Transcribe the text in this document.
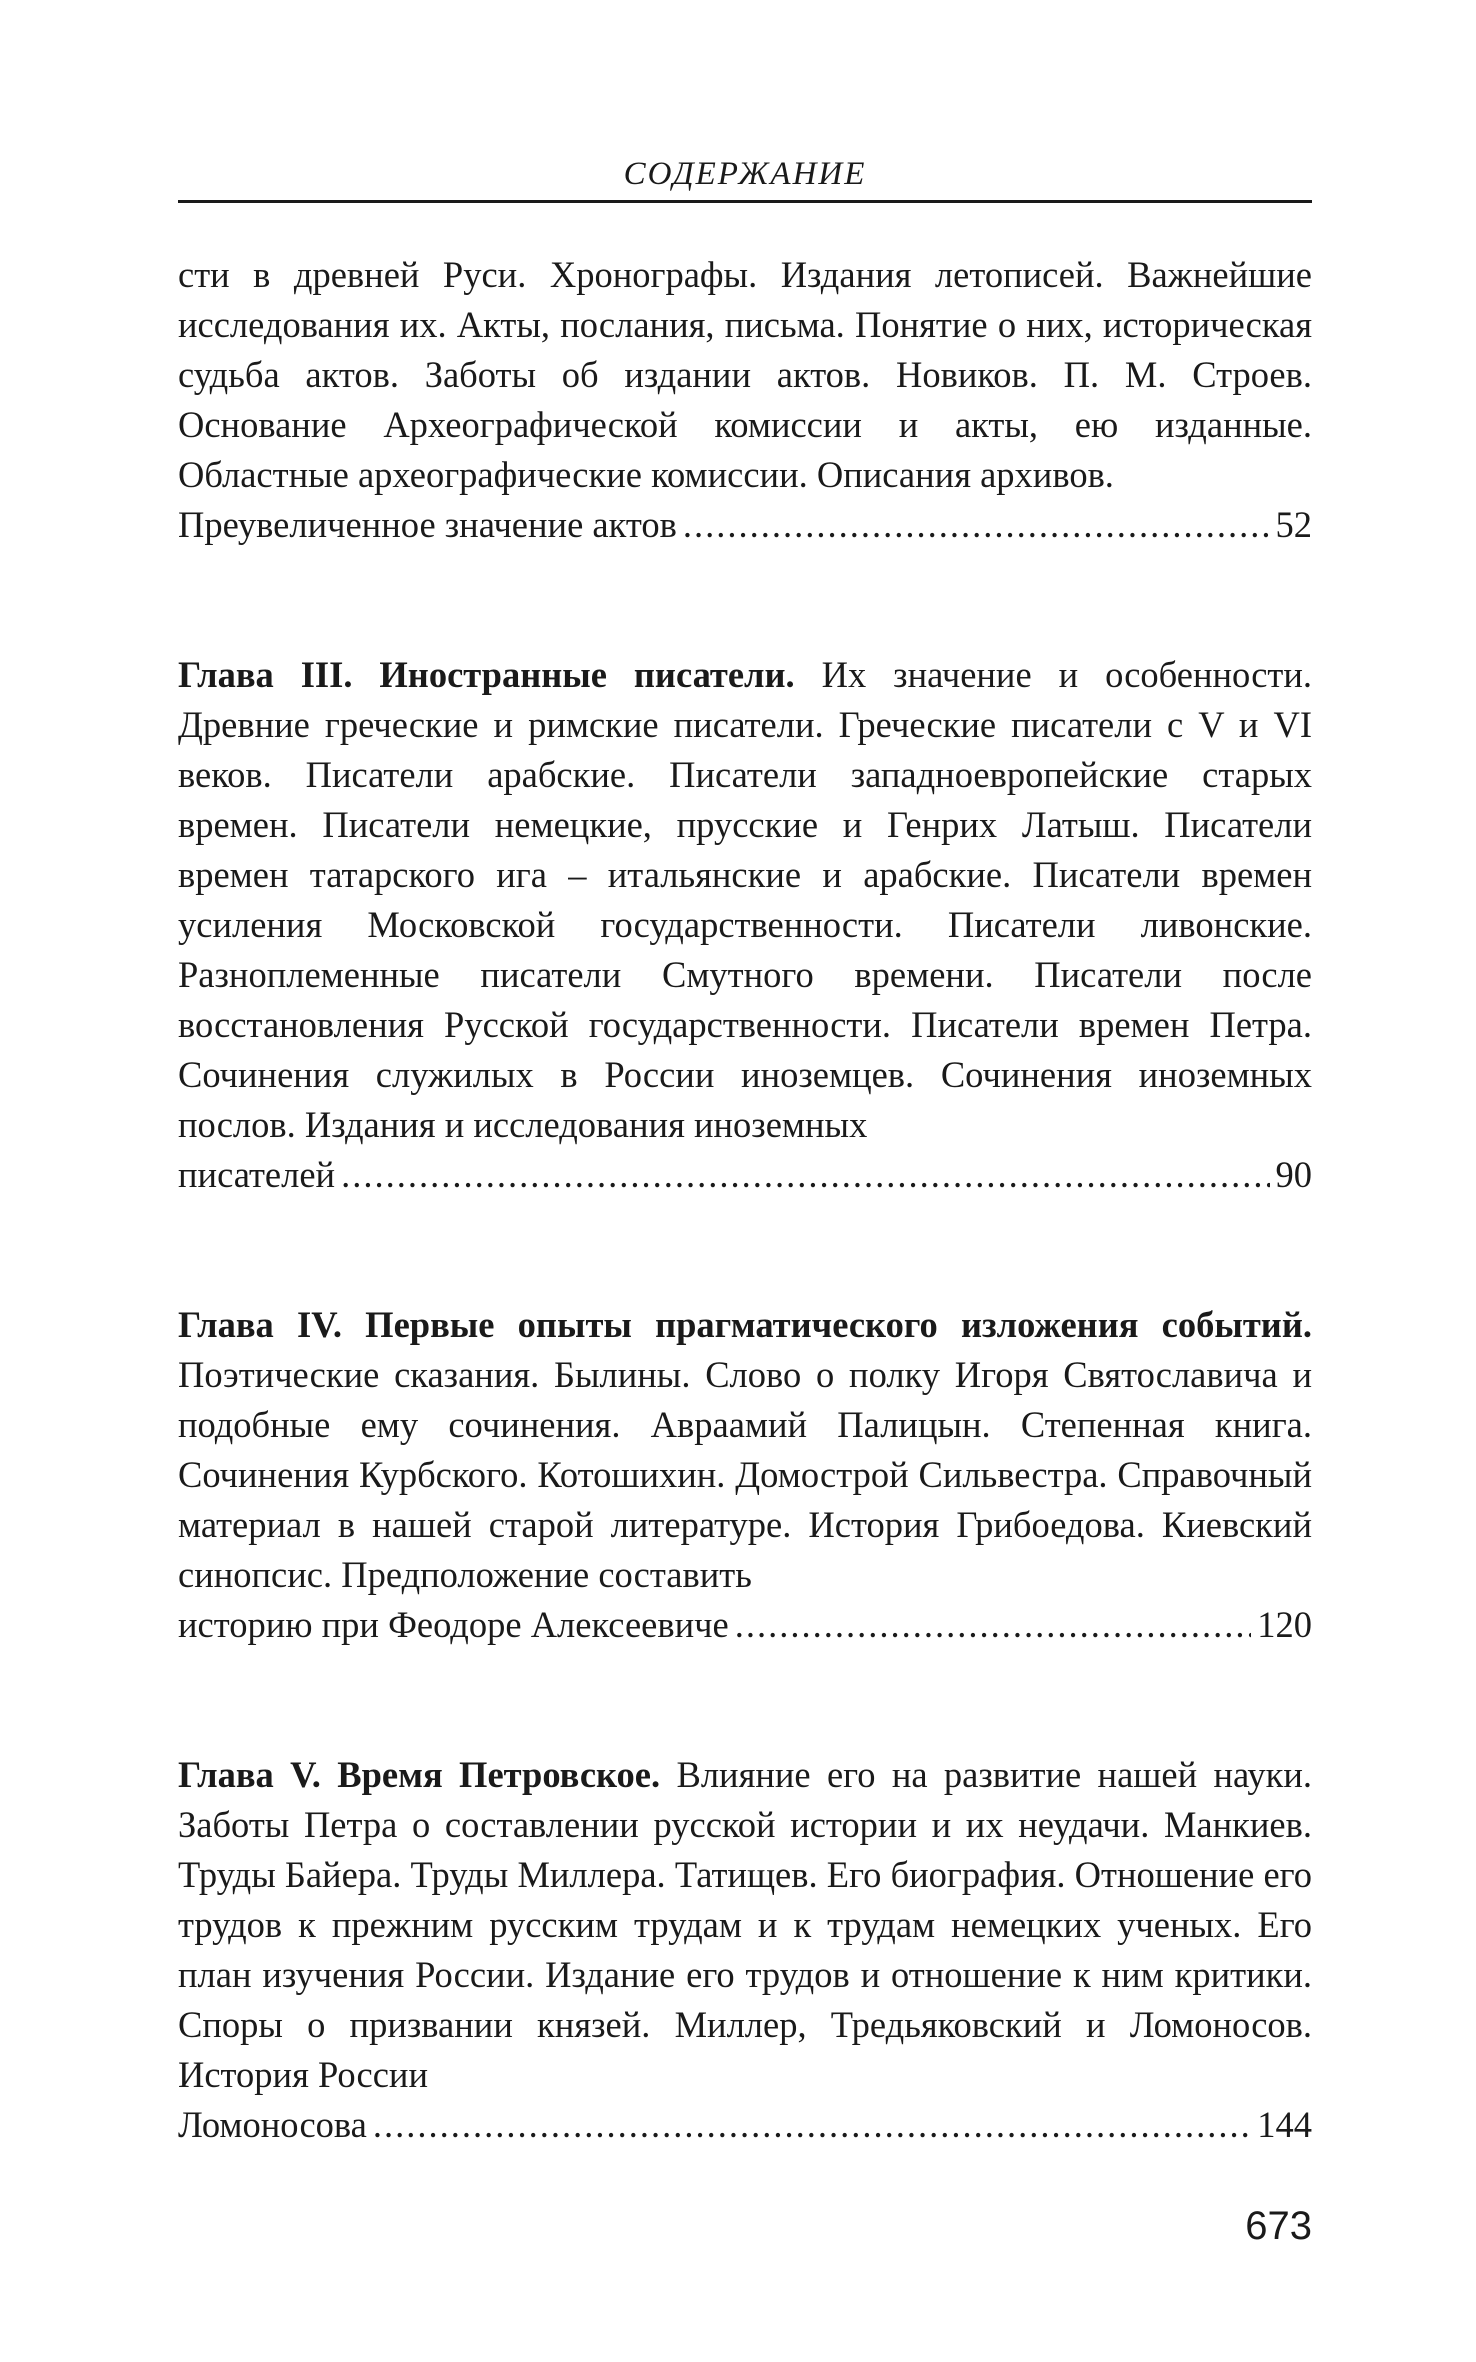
СОДЕРЖАНИЕ
сти в древней Руси. Хронографы. Издания летописей. Важнейшие исследования их. Акты, послания, письма. Понятие о них, историческая судьба актов. Заботы об издании актов. Новиков. П. М. Строев. Основание Археографической комиссии и акты, ею изданные. Областные археографические комиссии. Описания архивов.
Преувеличенное значение актов .....	52
Глава III. Иностранные писатели. Их значение и особенности. Древние греческие и римские писатели. Греческие писатели с V и VI веков. Писатели арабские. Писатели западноевропейские старых времен. Писатели немецкие, прусские и Генрих Латыш. Писатели времен татарского ига – итальянские и арабские. Писатели времен усиления Московской государственности. Писатели ливонские. Разноплеменные писатели Смутного времени. Писатели после восстановления Русской государственности. Писатели времен Петра. Сочинения служилых в России иноземцев. Сочинения иноземных послов. Издания и исследования иноземных
писателей .....	90
Глава IV. Первые опыты прагматического изложения событий. Поэтические сказания. Былины. Слово о полку Игоря Святославича и подобные ему сочинения. Авраамий Палицын. Степенная книга. Сочинения Курбского. Котошихин. Домострой Сильвестра. Справочный материал в нашей старой литературе. История Грибоедова. Киевский синопсис. Предположение составить
историю при Феодоре Алексеевиче .....	120
Глава V. Время Петровское. Влияние его на развитие нашей науки. Заботы Петра о составлении русской истории и их неудачи. Манкиев. Труды Байера. Труды Миллера. Татищев. Его биография. Отношение его трудов к прежним русским трудам и к трудам немецких ученых. Его план изучения России. Издание его трудов и отношение к ним критики. Споры о призвании князей. Миллер, Тредьяковский и Ломоносов. История России
Ломоносова .....	144
673
